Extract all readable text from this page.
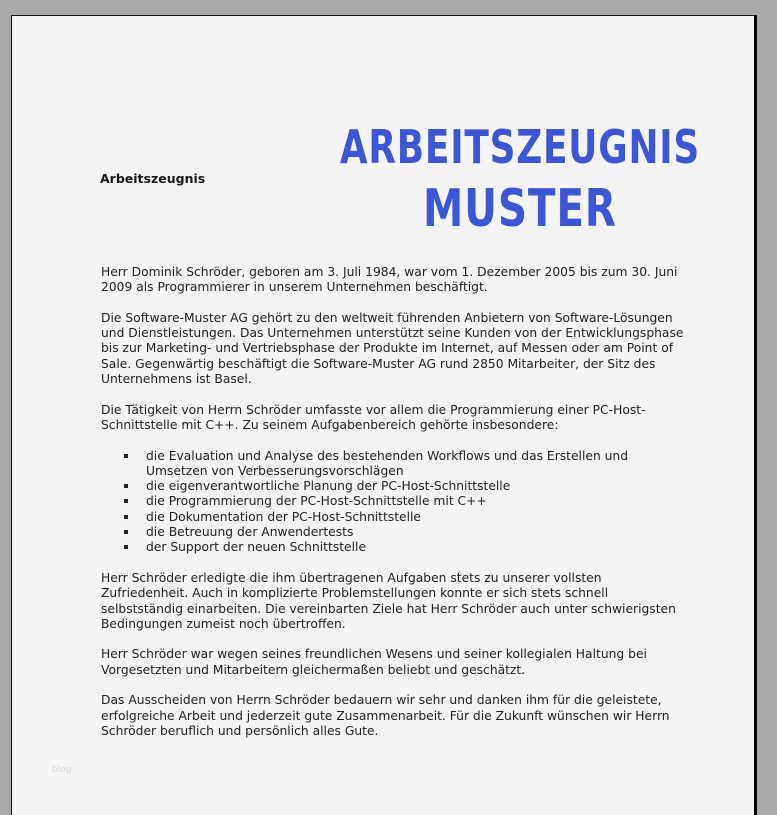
ARBEITSZEUGNIS
MUSTER
blog
Arbeitszeugnis

Herr Dominik Schröder, geboren am 3. Juli 1984, war vom 1. Dezember 2005 bis zum 30. Juni 2009 als Programmierer in unserem Unternehmen beschäftigt.

Die Software-Muster AG gehört zu den weltweit führenden Anbietern von Software-Lösungen und Dienstleistungen. Das Unternehmen unterstützt seine Kunden von der Entwicklungsphase bis zur Marketing- und Vertriebsphase der Produkte im Internet, auf Messen oder am Point of Sale. Gegenwärtig beschäftigt die Software-Muster AG rund 2850 Mitarbeiter, der Sitz des Unternehmens ist Basel.

Die Tätigkeit von Herrn Schröder umfasste vor allem die Programmierung einer PC-Host-Schnittstelle mit C++. Zu seinem Aufgabenbereich gehörte insbesondere:

die Evaluation und Analyse des bestehenden Workflows und das Erstellen und Umsetzen von Verbesserungsvorschlägen
die eigenverantwortliche Planung der PC-Host-Schnittstelle
die Programmierung der PC-Host-Schnittstelle mit C++
die Dokumentation der PC-Host-Schnittstelle
die Betreuung der Anwendertests
der Support der neuen Schnittstelle

Herr Schröder erledigte die ihm übertragenen Aufgaben stets zu unserer vollsten Zufriedenheit. Auch in komplizierte Problemstellungen konnte er sich stets schnell selbstständig einarbeiten. Die vereinbarten Ziele hat Herr Schröder auch unter schwierigsten Bedingungen zumeist noch übertroffen.

Herr Schröder war wegen seines freundlichen Wesens und seiner kollegialen Haltung bei Vorgesetzten und Mitarbeitern gleichermaßen beliebt und geschätzt.

Das Ausscheiden von Herrn Schröder bedauern wir sehr und danken ihm für die geleistete, erfolgreiche Arbeit und jederzeit gute Zusammenarbeit. Für die Zukunft wünschen wir Herrn Schröder beruflich und persönlich alles Gute.
